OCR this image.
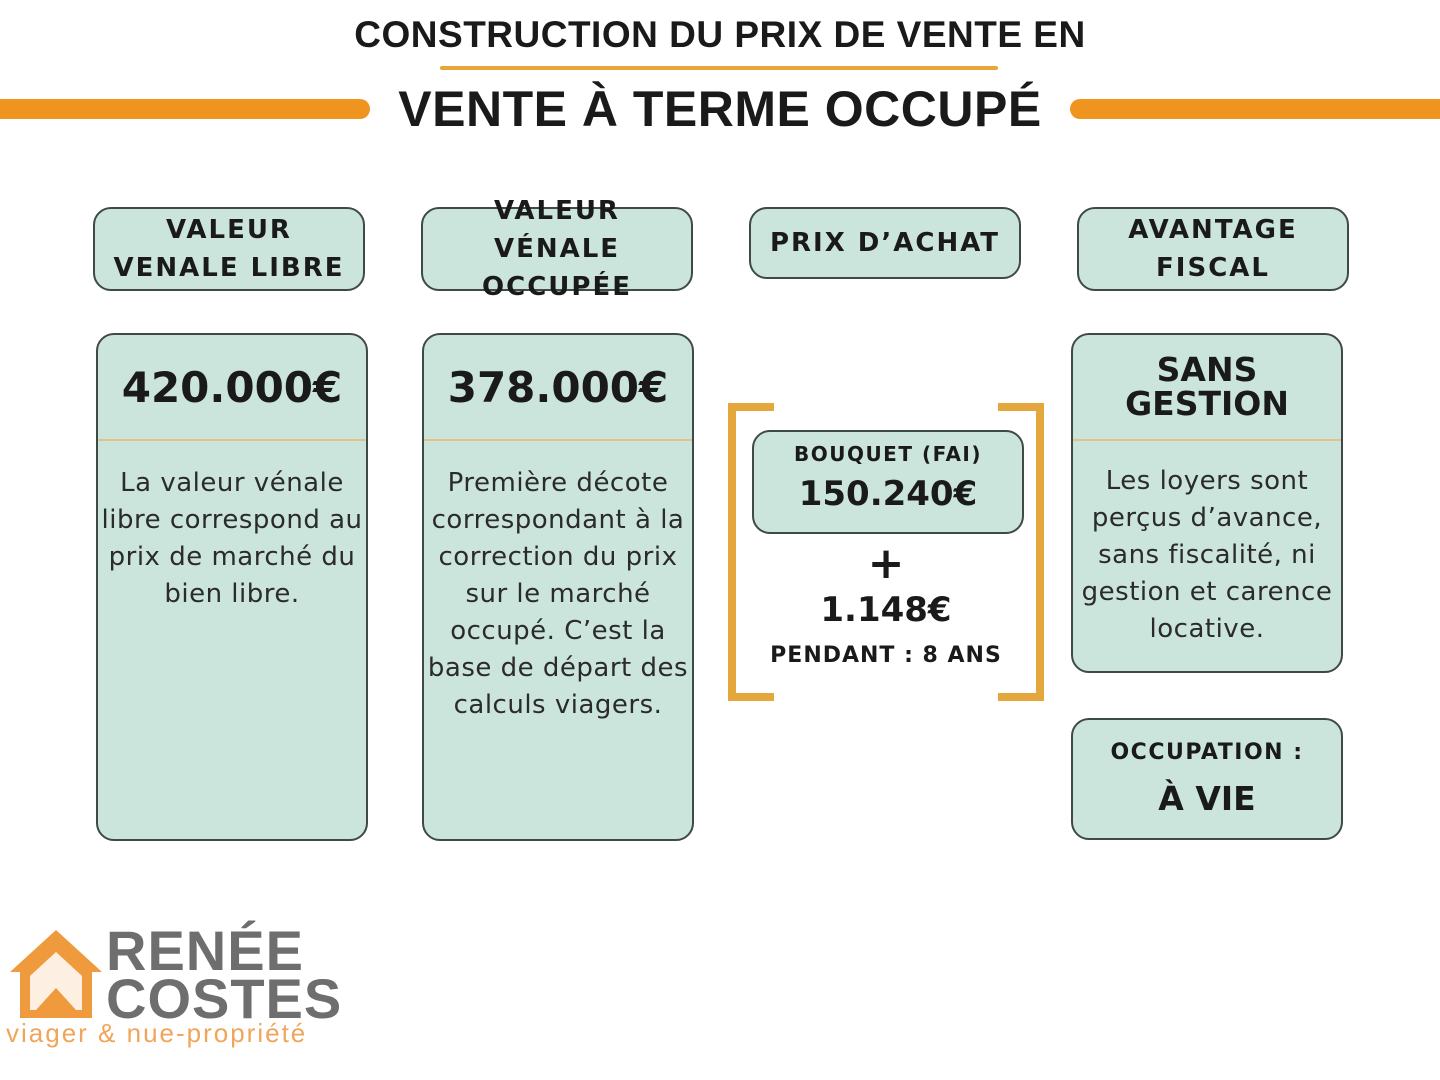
CONSTRUCTION DU PRIX DE VENTE EN
VENTE À TERME OCCUPÉ
VALEUR VENALE LIBRE
VALEUR VÉNALE OCCUPÉE
PRIX D’ACHAT	AVANTAGE FISCAL
420.000€
La valeur vénale libre correspond au prix de marché du bien libre.
378.000€
Première décote correspondant à la correction du prix sur le marché occupé. C’est la base de départ des calculs viagers.
BOUQUET (FAI)
150.240€
+
1.148€
PENDANT : 8 ANS
SANS GESTION
Les loyers sont perçus d’avance, sans fiscalité, ni gestion et carence locative.
OCCUPATION :
À VIE
RENÉE
COSTES
viager & nue-propriété
